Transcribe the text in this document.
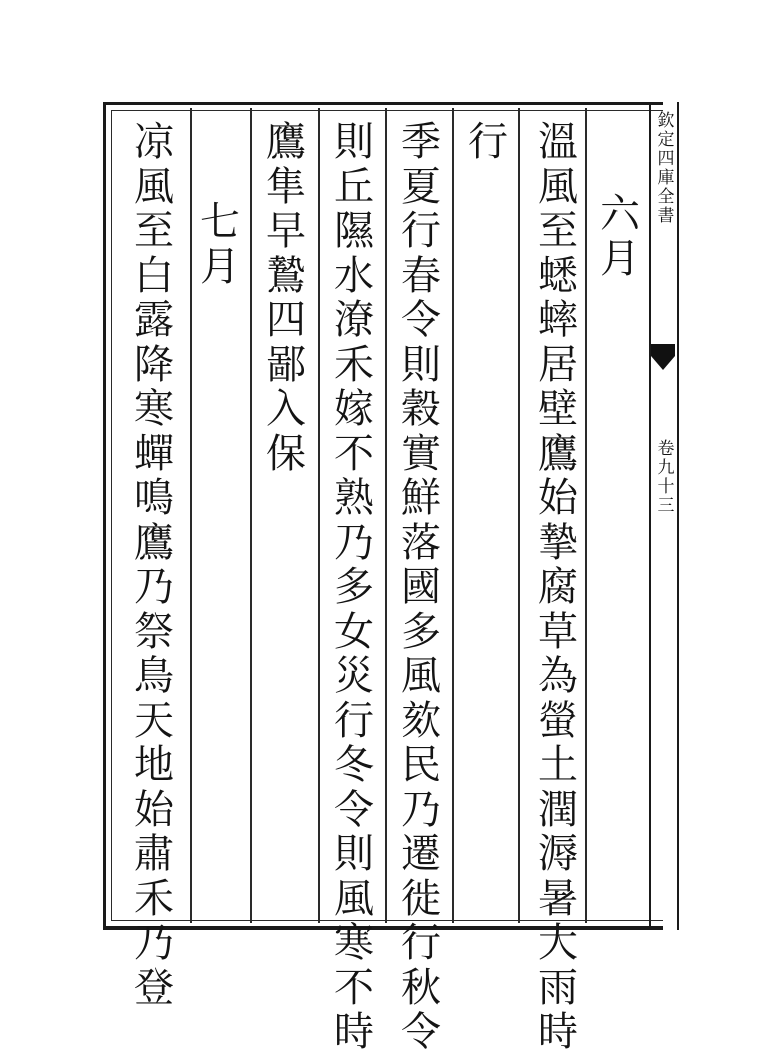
溫
風
至
蟋
蟀
居
壁
鷹
始
摯
腐
草
為
螢
土
潤
溽
暑
大
雨
時
六
月
行
季
夏
行
春
令
則
穀
實
鮮
落
國
多
風
欬
民
乃
遷
徙
行
秋
令
則
丘
隰
水
潦
禾
嫁
不
熟
乃
多
女
災
行
冬
令
則
風
寒
不
時
鷹
隼
早
鷙
四
鄙
入
保
七
月
凉
風
至
白
露
降
寒
蟬
鳴
鷹
乃
祭
鳥
天
地
始
肅
禾
乃
登
欽
定
四
庫
全
書
卷
九
十
三
